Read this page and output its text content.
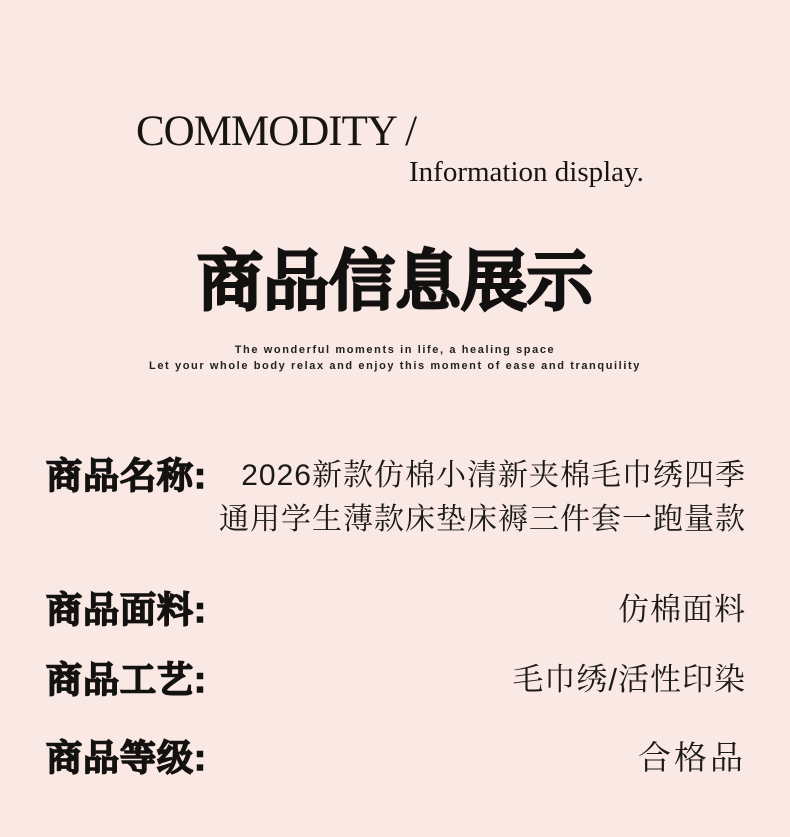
COMMODITY /
Information display.
商品信息展示
The wonderful moments in life, a healing space
Let your whole body relax and enjoy this moment of ease and tranquility
商品名称:	2026新款仿棉小清新夹棉毛巾绣四季
通用学生薄款床垫床褥三件套一跑量款
商品面料:	仿棉面料
商品工艺:	毛巾绣/活性印染
商品等级:	合格品
